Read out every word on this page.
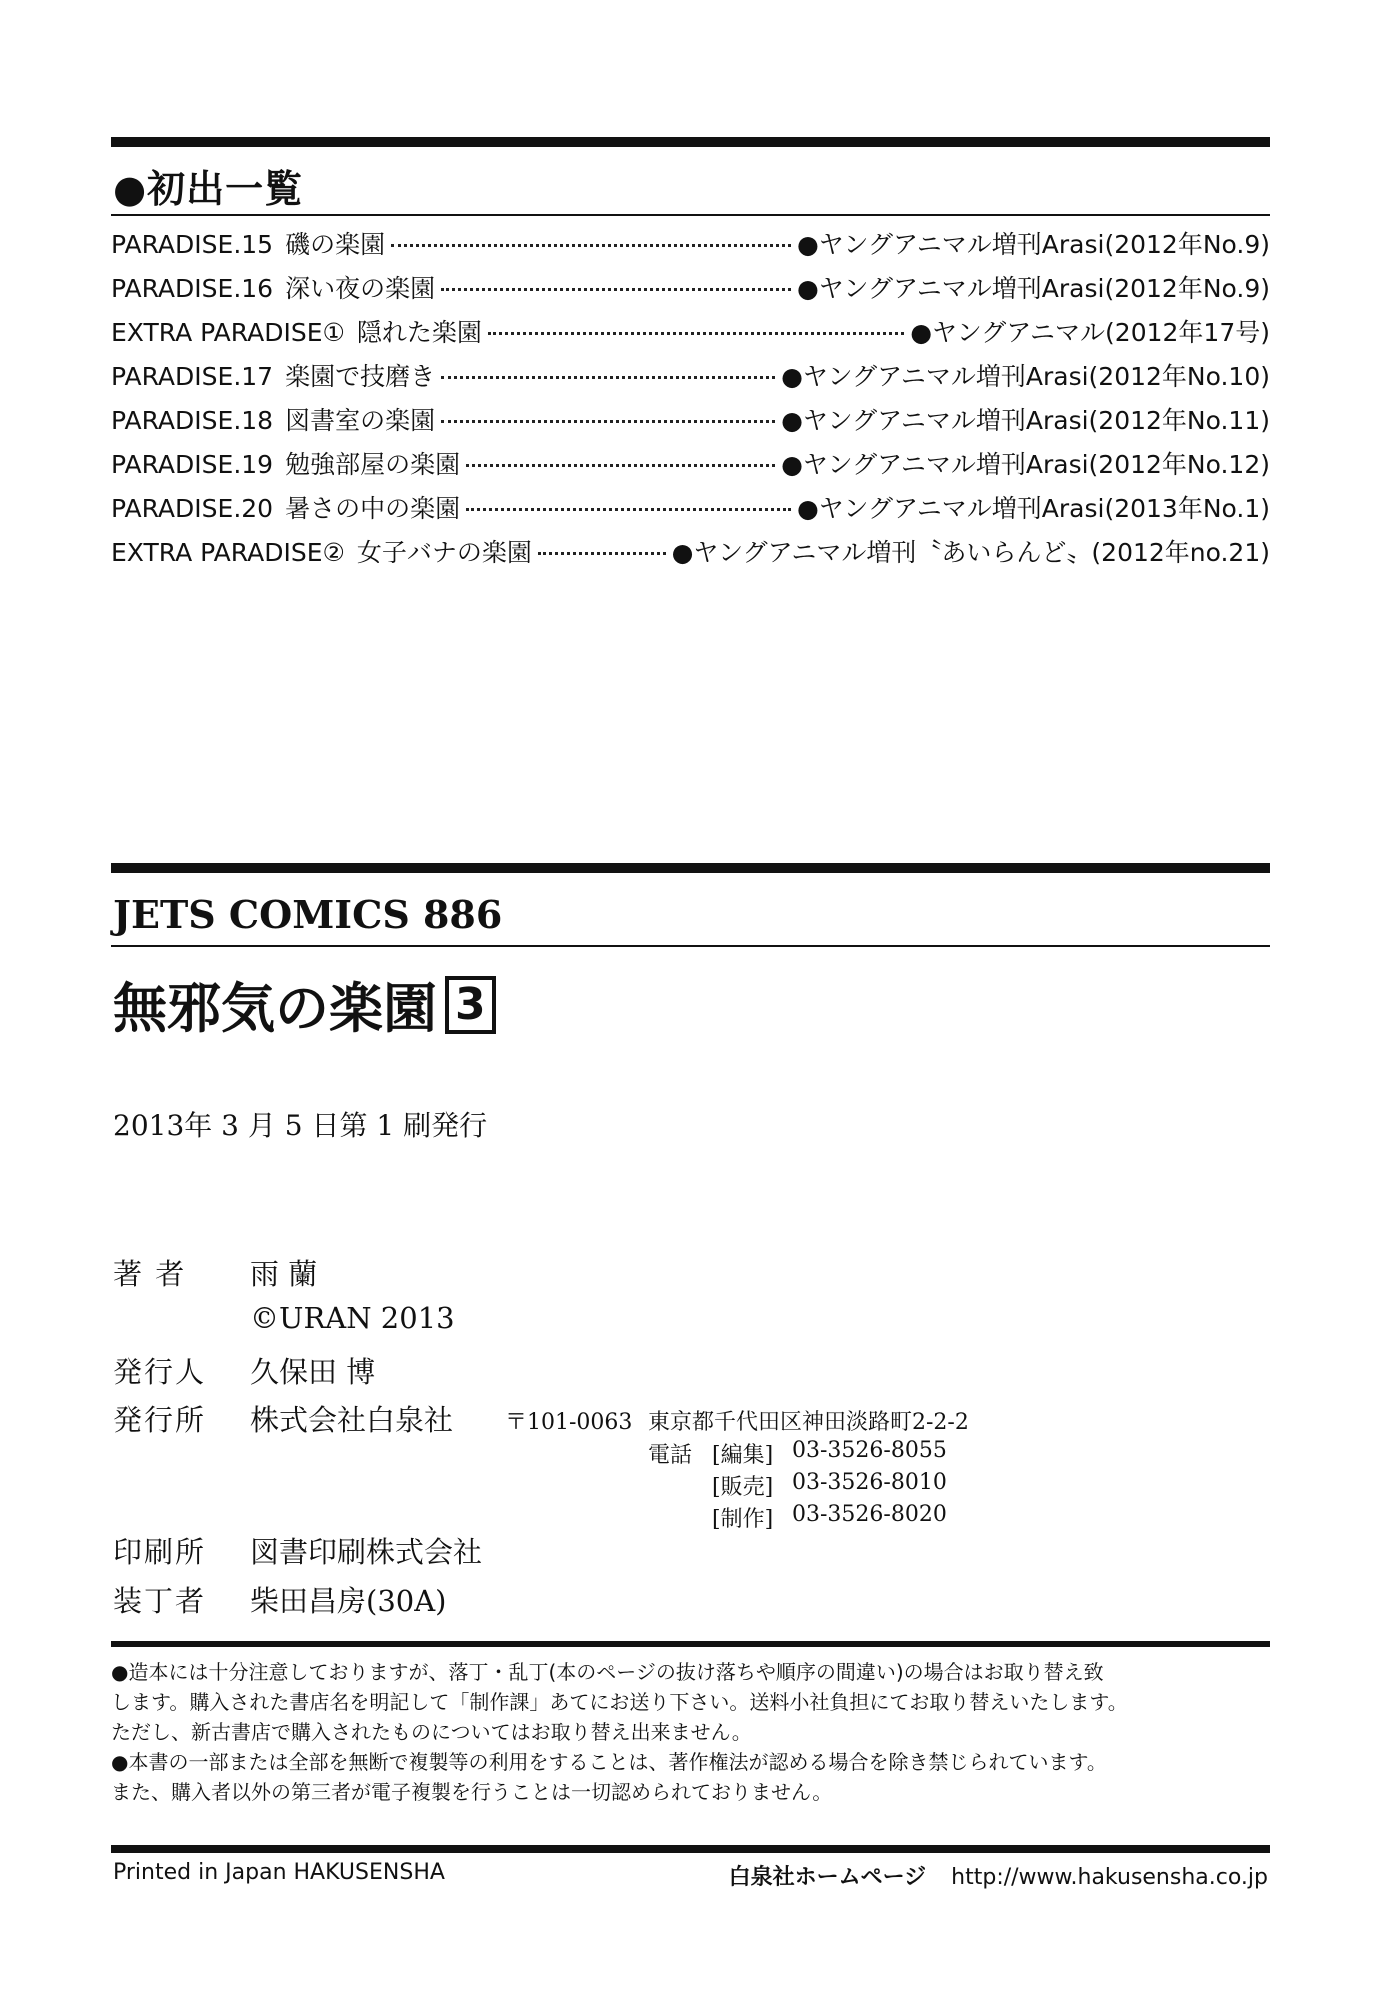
●初出一覧
PARADISE.15 磯の楽園	●ヤングアニマル増刊Arasi(2012年No.9)
PARADISE.16 深い夜の楽園	●ヤングアニマル増刊Arasi(2012年No.9)
EXTRA PARADISE① 隠れた楽園	●ヤングアニマル(2012年17号)
PARADISE.17 楽園で技磨き	●ヤングアニマル増刊Arasi(2012年No.10)
PARADISE.18 図書室の楽園	●ヤングアニマル増刊Arasi(2012年No.11)
PARADISE.19 勉強部屋の楽園	●ヤングアニマル増刊Arasi(2012年No.12)
PARADISE.20 暑さの中の楽園	●ヤングアニマル増刊Arasi(2013年No.1)
EXTRA PARADISE② 女子バナの楽園	●ヤングアニマル増刊〝あいらんど〟(2012年no.21)
JETS COMICS 886
無邪気の楽園 3
2013年 3 月 5 日第 1 刷発行
著 者 雨 蘭
©URAN 2013
発行人 久保田 博
発行所 株式会社白泉社 〒101-0063 東京都千代田区神田淡路町2-2-2
電話 [編集] 03-3526-8055
[販売] 03-3526-8010
[制作] 03-3526-8020
印刷所 図書印刷株式会社
装丁者 柴田昌房(30A)

●造本には十分注意しておりますが、落丁・乱丁(本のページの抜け落ちや順序の間違い)の場合はお取り替え致

します。購入された書店名を明記して「制作課」あてにお送り下さい。送料小社負担にてお取り替えいたします。

ただし、新古書店で購入されたものについてはお取り替え出来ません。

●本書の一部または全部を無断で複製等の利用をすることは、著作権法が認める場合を除き禁じられています。

また、購入者以外の第三者が電子複製を行うことは一切認められておりません。

Printed in Japan HAKUSENSHA	白泉社ホームページ http://www.hakusensha.co.jp
